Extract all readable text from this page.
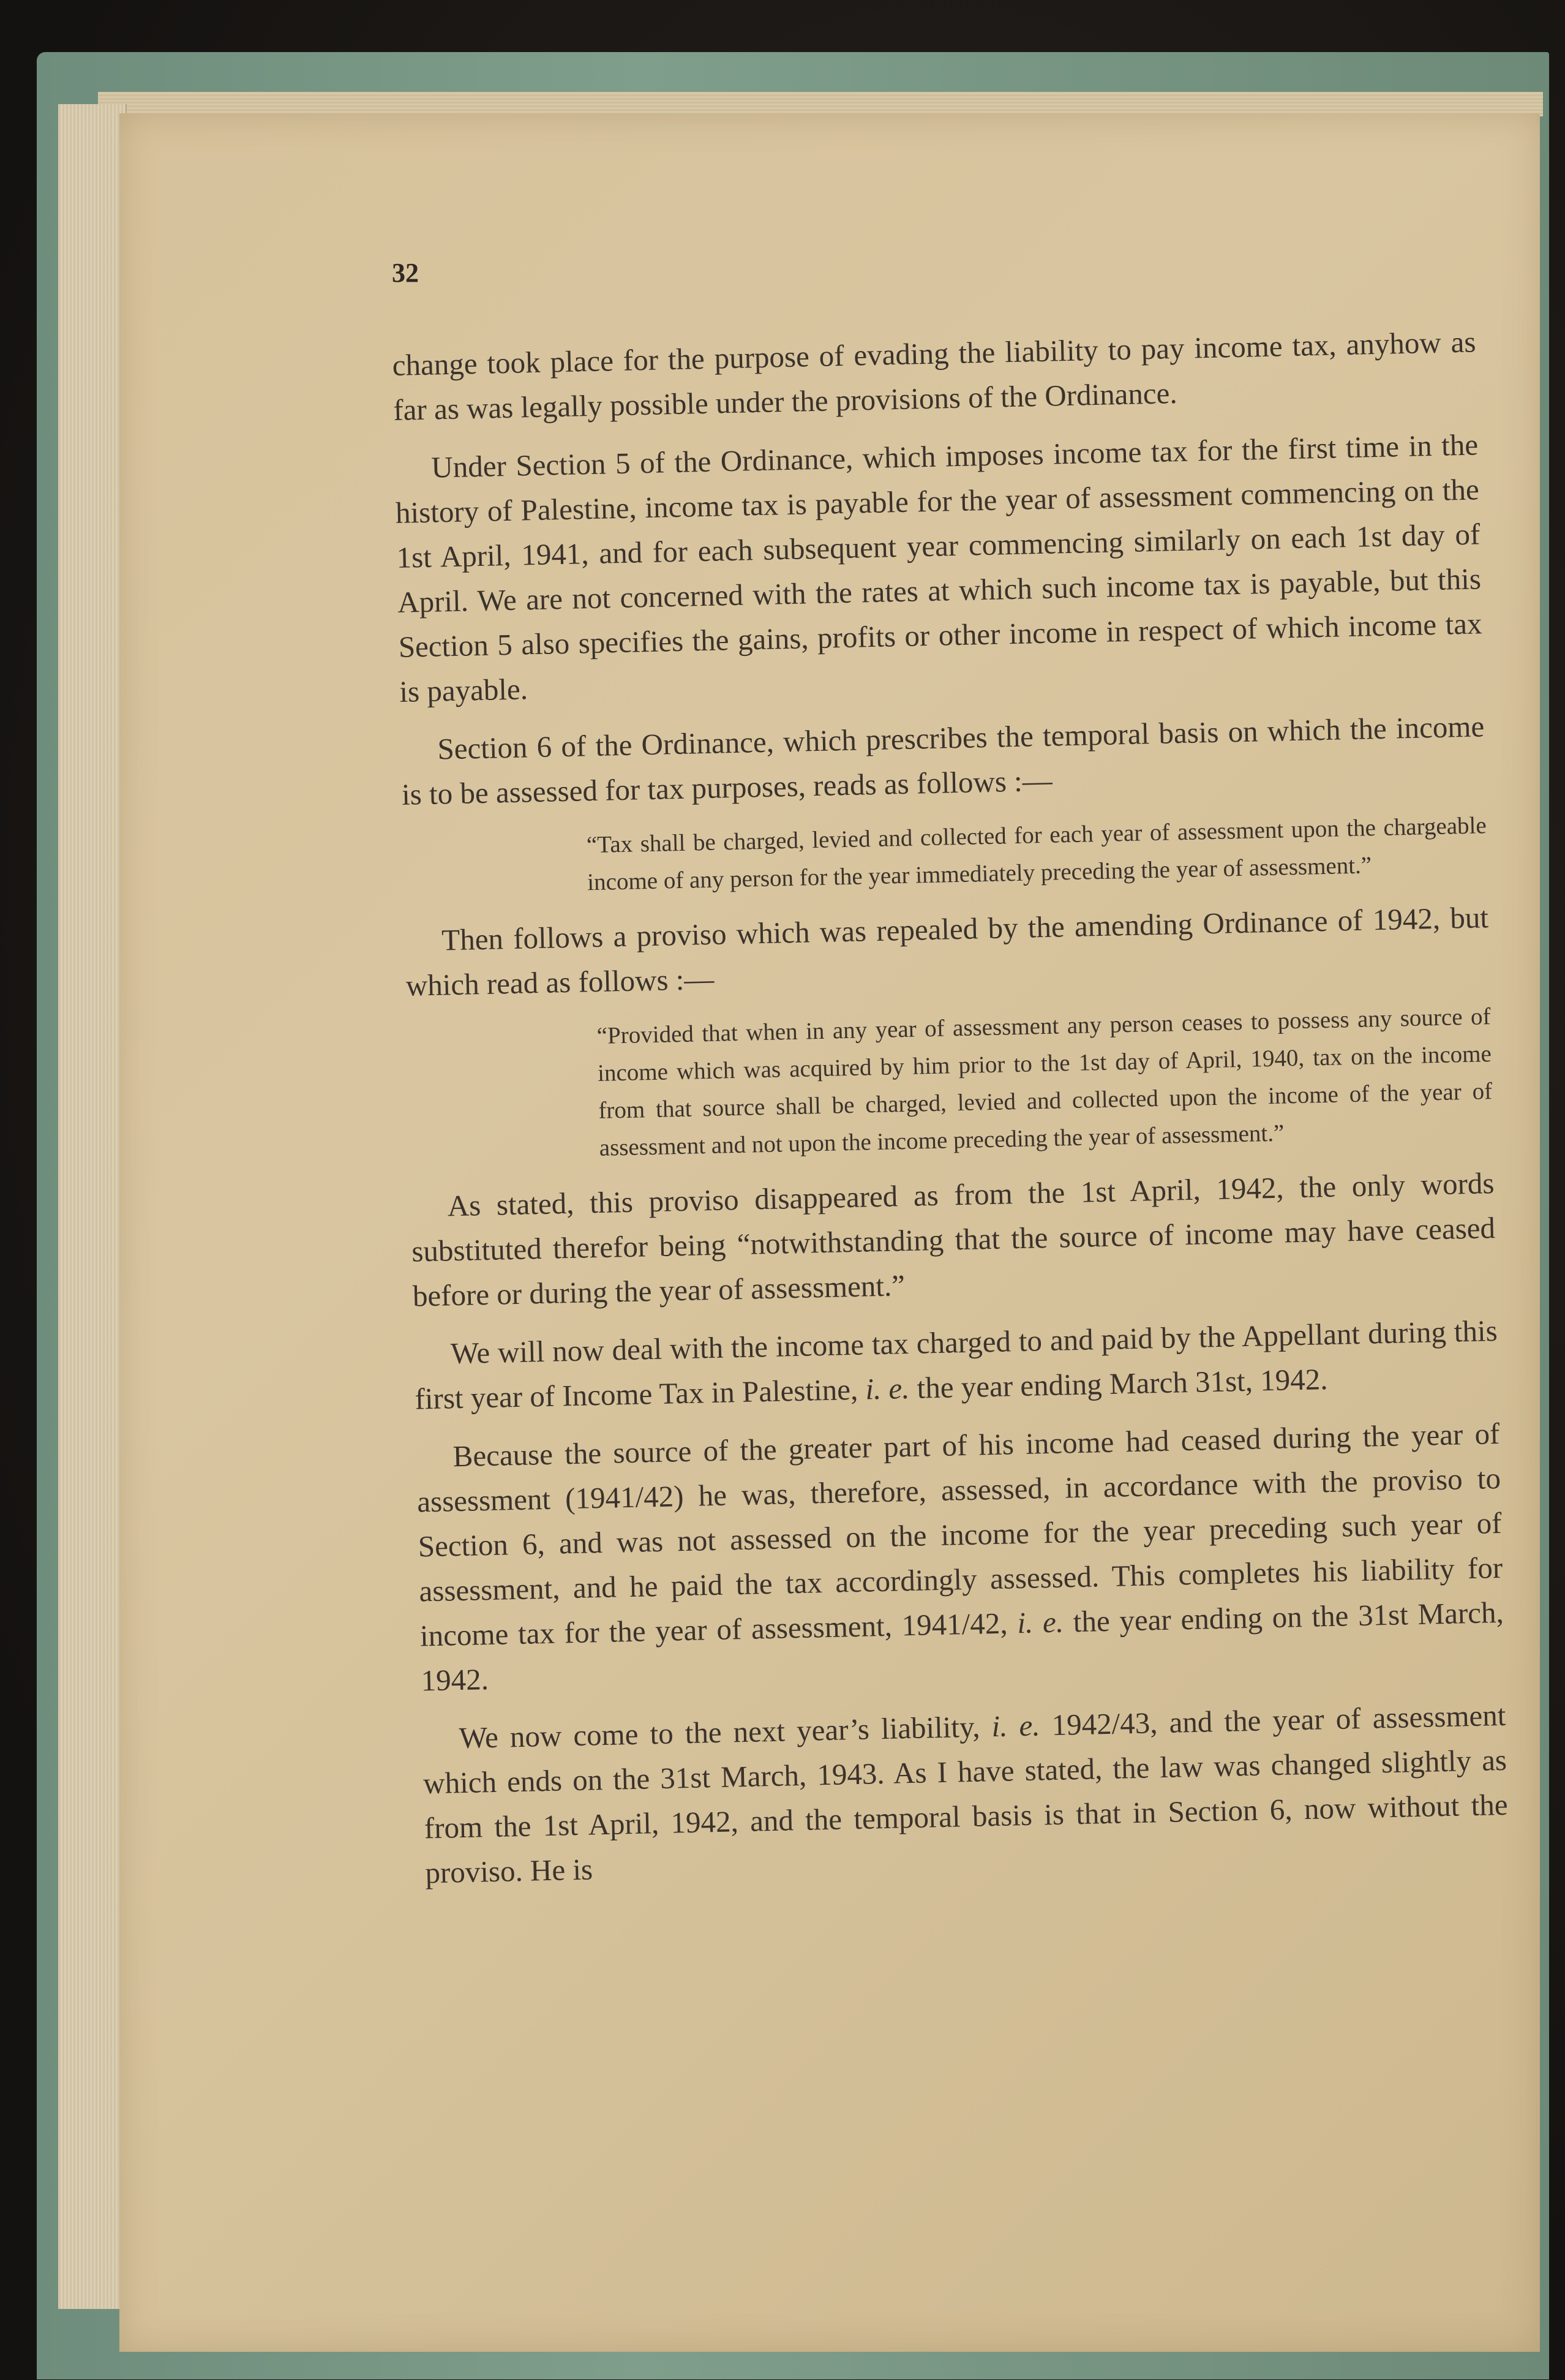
32

change took place for the purpose of evading the liability to pay income tax, anyhow as far as was legally possible under the provisions of the Ordinance.

Under Section 5 of the Ordinance, which imposes income tax for the first time in the history of Palestine, income tax is payable for the year of assessment commencing on the 1st April, 1941, and for each subsequent year commencing similarly on each 1st day of April. We are not concerned with the rates at which such income tax is payable, but this Section 5 also specifies the gains, profits or other income in respect of which income tax is payable.

Section 6 of the Ordinance, which prescribes the temporal basis on which the income is to be assessed for tax purposes, reads as follows :—

“Tax shall be charged, levied and collected for each year of assessment upon the chargeable income of any person for the year immediately preceding the year of assessment.”

Then follows a proviso which was repealed by the amending Ordinance of 1942, but which read as follows :—

“Provided that when in any year of assessment any person ceases to possess any source of income which was acquired by him prior to the 1st day of April, 1940, tax on the income from that source shall be charged, levied and collected upon the income of the year of assessment and not upon the income preceding the year of assessment.”

As stated, this proviso disappeared as from the 1st April, 1942, the only words substituted therefor being “notwithstanding that the source of income may have ceased before or during the year of assessment.”

We will now deal with the income tax charged to and paid by the Appellant during this first year of Income Tax in Palestine, i. e. the year ending March 31st, 1942.

Because the source of the greater part of his income had ceased during the year of assessment (1941/42) he was, therefore, assessed, in accordance with the proviso to Section 6, and was not assessed on the income for the year preceding such year of assessment, and he paid the tax accordingly assessed. This completes his liability for income tax for the year of assessment, 1941/42, i. e. the year ending on the 31st March, 1942.

We now come to the next year’s liability, i. e. 1942/43, and the year of assessment which ends on the 31st March, 1943. As I have stated, the law was changed slightly as from the 1st April, 1942, and the temporal basis is that in Section 6, now without the proviso. He is
